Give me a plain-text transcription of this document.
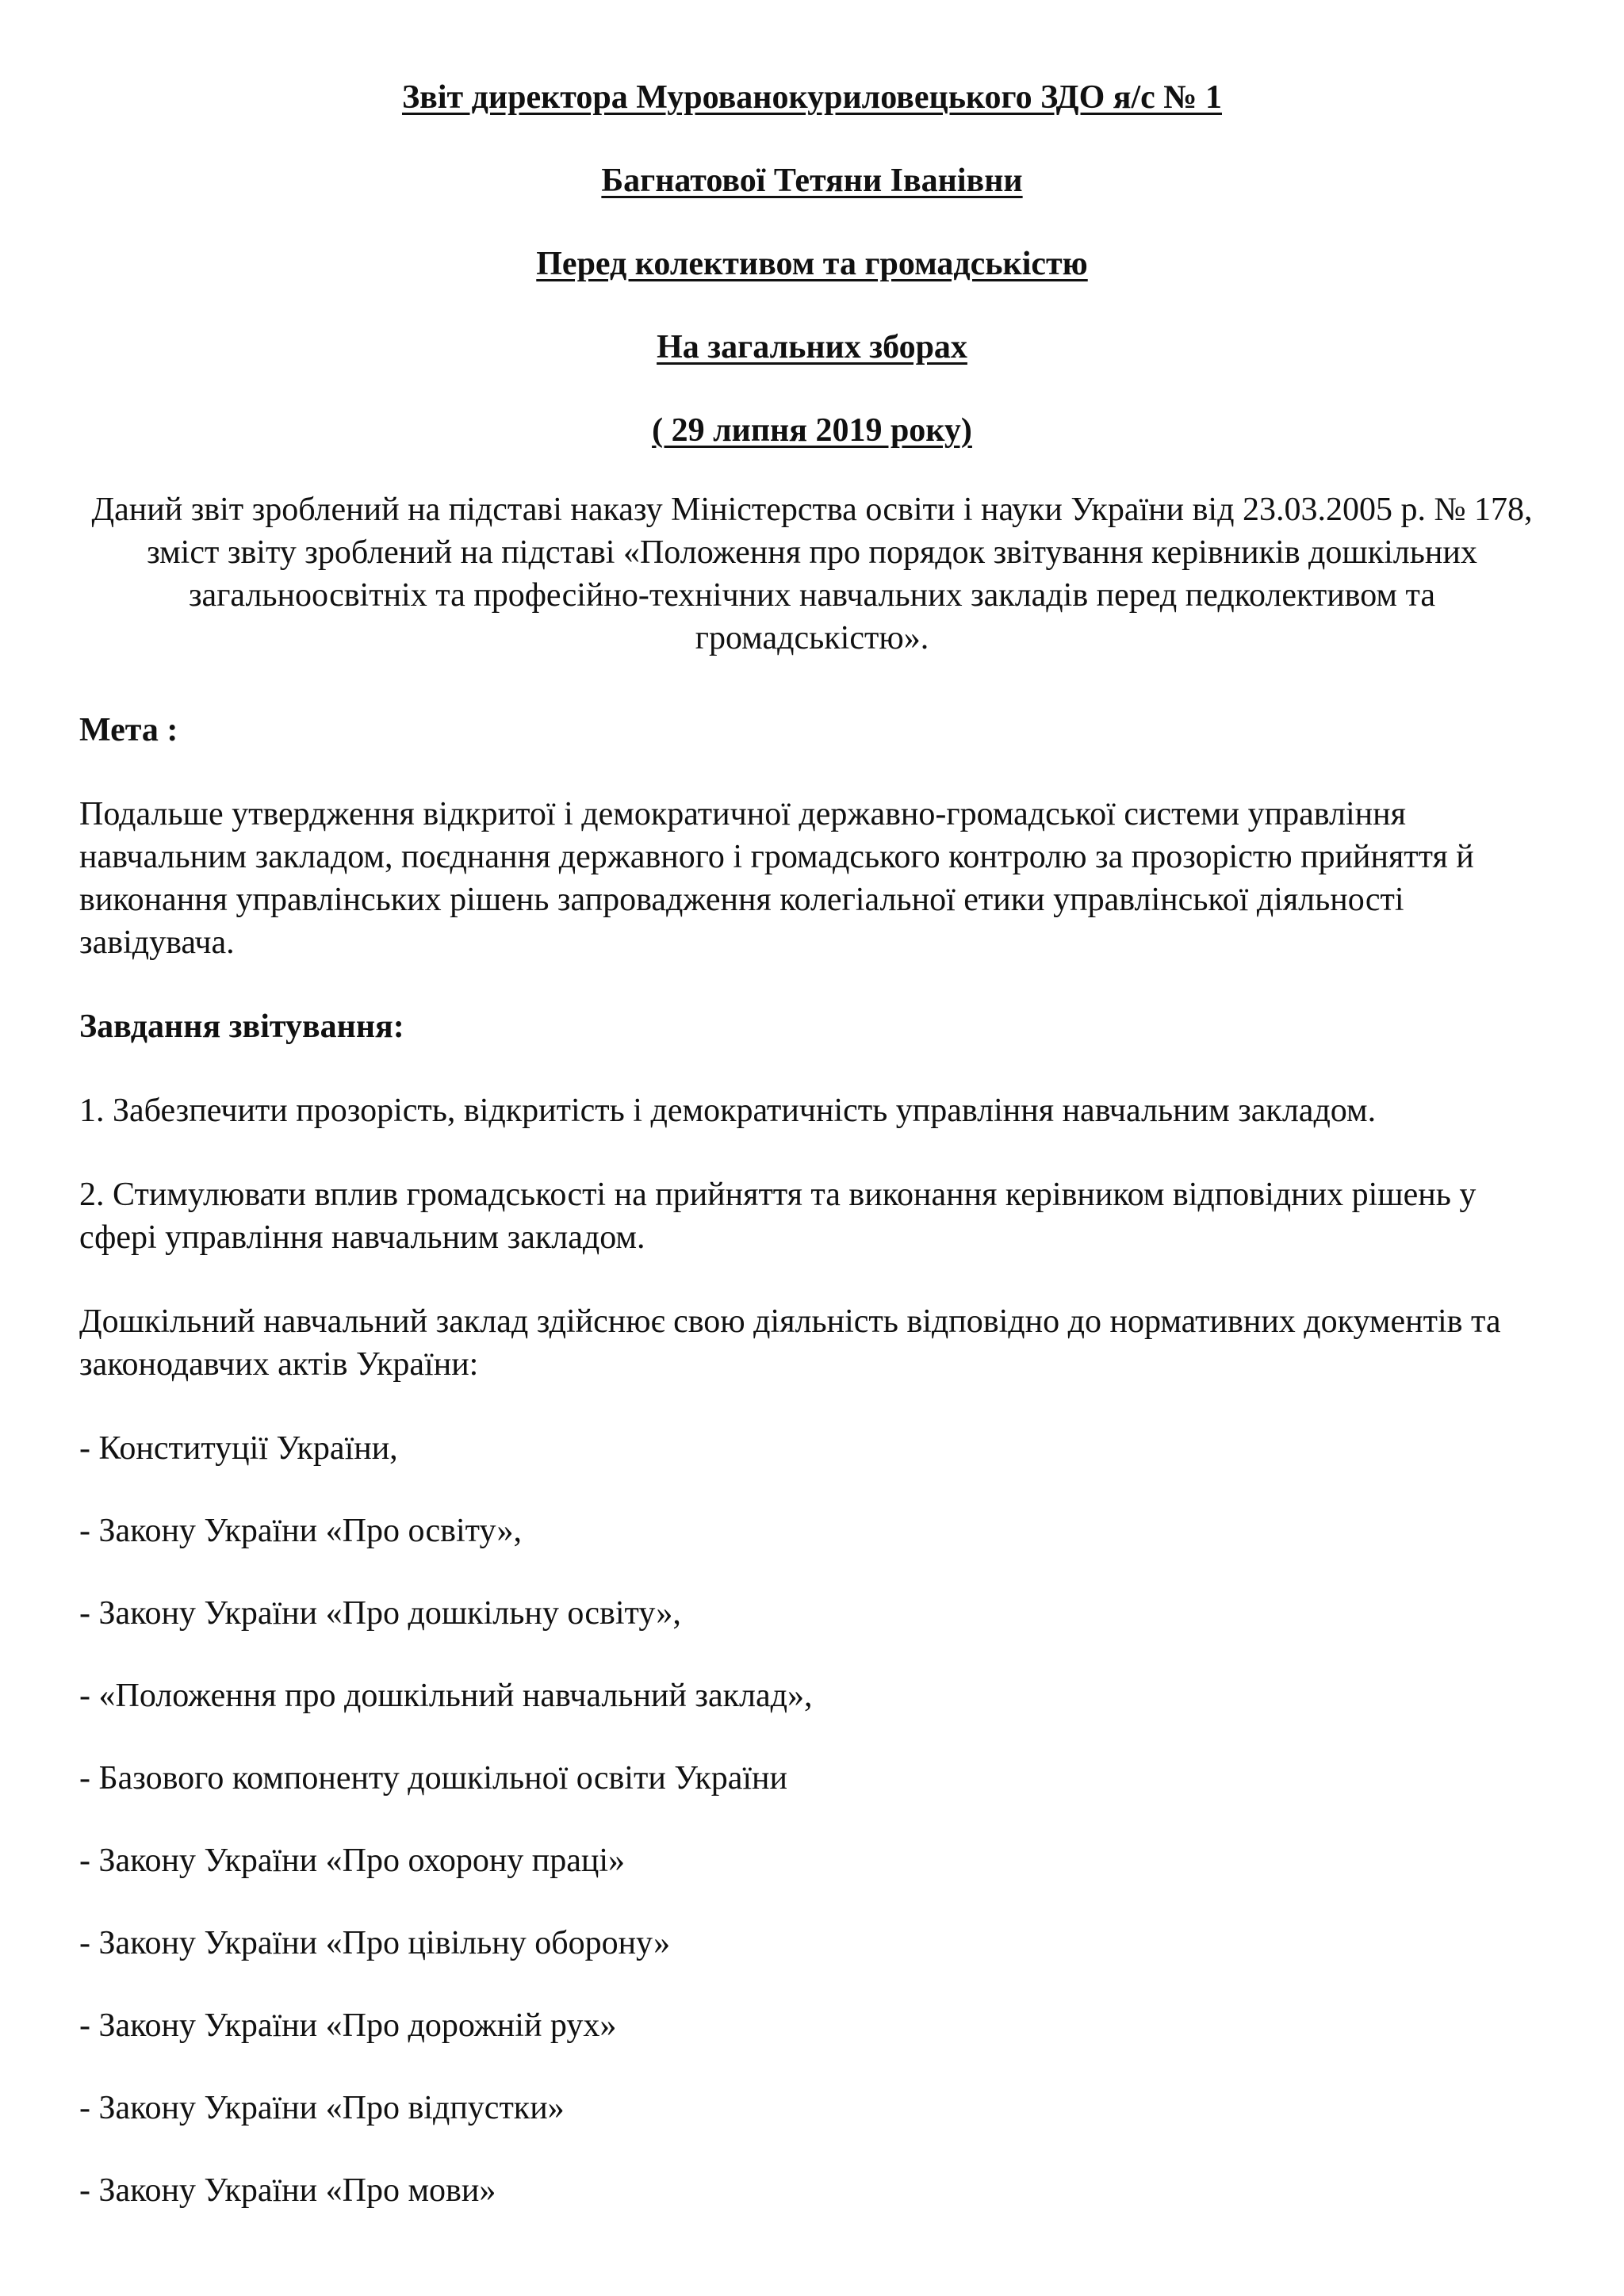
Звіт директора Мурованокуриловецького ЗДО я/с № 1
Багнатової Тетяни Іванівни
Перед колективом та громадськістю
На загальних зборах
( 29 липня 2019 року)
Даний звіт зроблений на підставі наказу Міністерства освіти і науки України від 23.03.2005 р. № 178, зміст звіту зроблений на підставі «Положення про порядок звітування керівників дошкільних загальноосвітніх та професійно-технічних навчальних закладів перед педколективом та громадськістю».
Мета :
Подальше утвердження відкритої і демократичної державно-громадської системи управління навчальним закладом, поєднання державного і громадського контролю за прозорістю прийняття й виконання управлінських рішень запровадження колегіальної етики управлінської діяльності завідувача.
Завдання звітування:
1. Забезпечити прозорість, відкритість і демократичність управління навчальним закладом.
2. Стимулювати вплив громадськості на прийняття та виконання керівником відповідних рішень у сфері управління навчальним закладом.
Дошкільний навчальний заклад здійснює свою діяльність відповідно до нормативних документів та законодавчих актів України:
- Конституції України,
- Закону України «Про освіту»,
- Закону України «Про дошкільну освіту»,
- «Положення про дошкільний навчальний заклад»,
- Базового компоненту дошкільної освіти України
- Закону України «Про охорону праці»
- Закону України «Про цівільну оборону»
- Закону України «Про дорожній рух»
- Закону України «Про відпустки»
- Закону України «Про мови»
